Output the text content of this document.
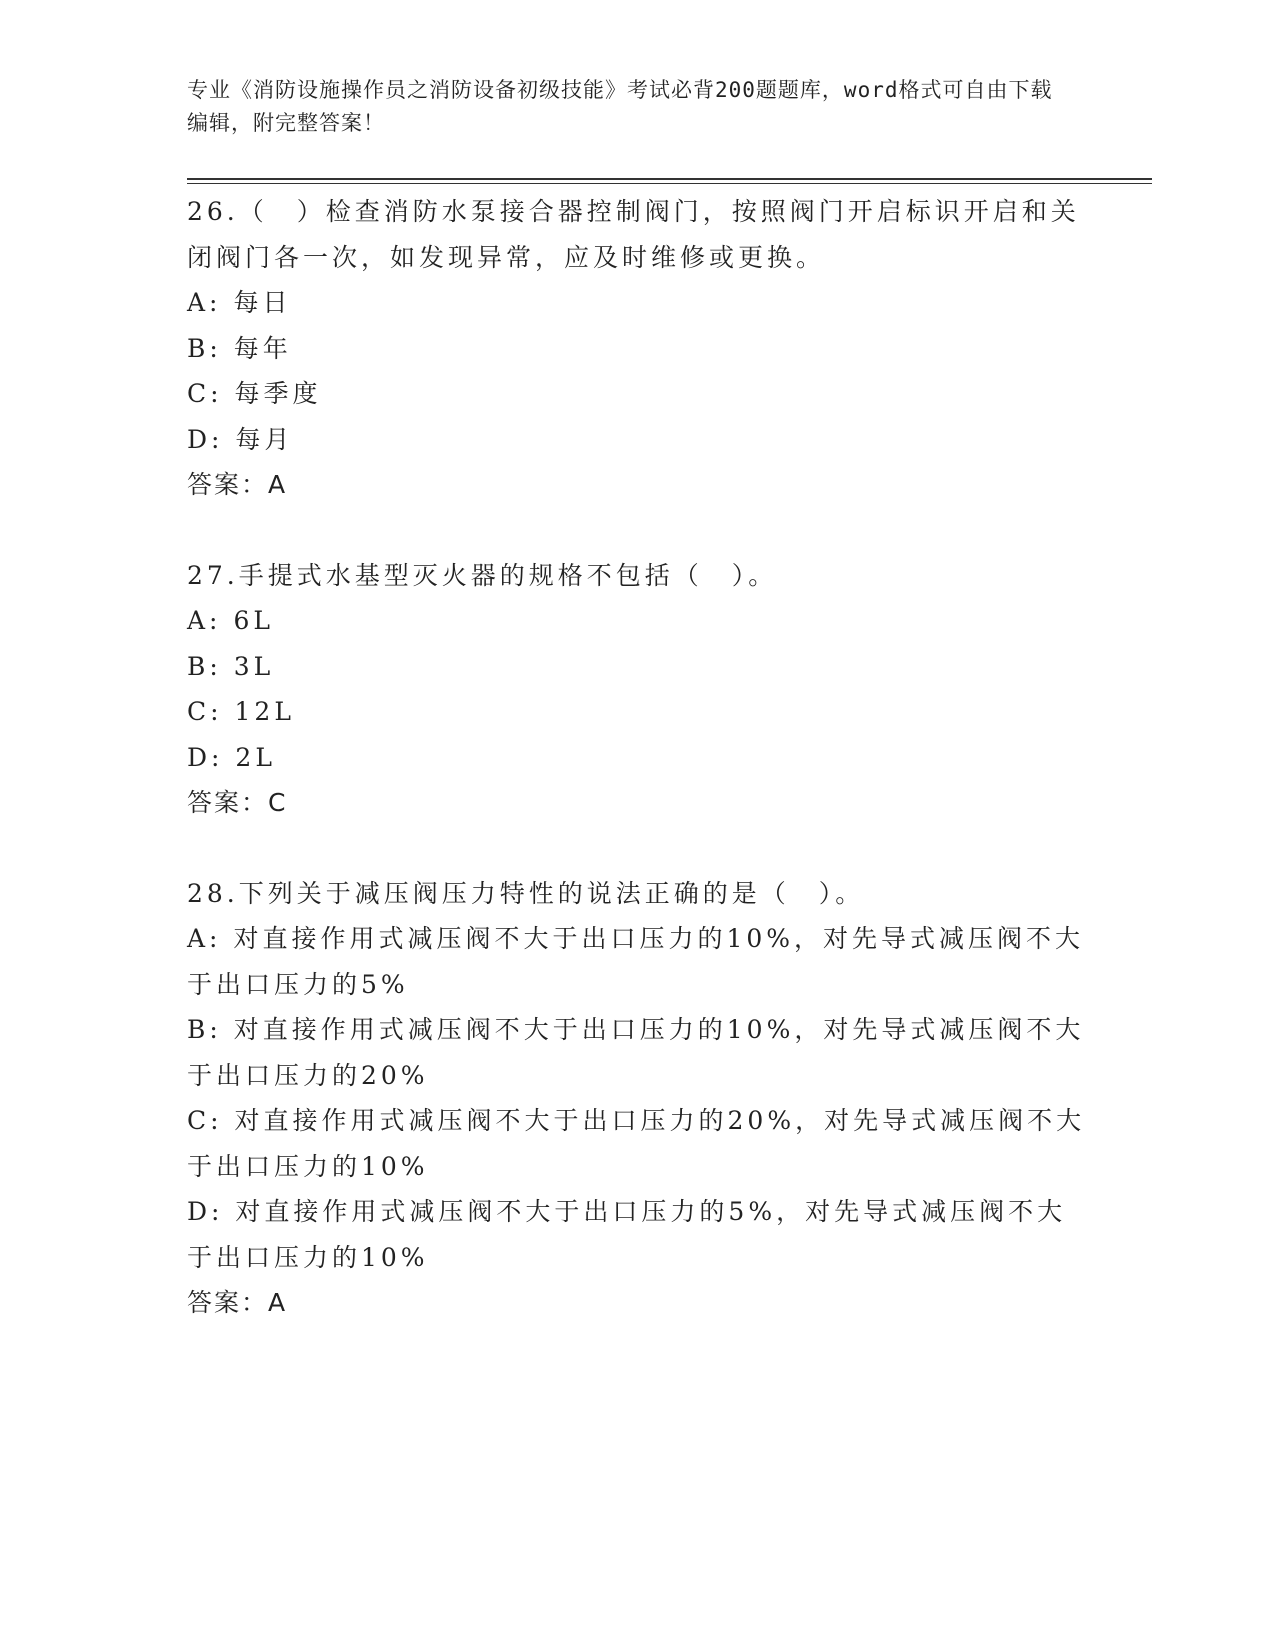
专业《消防设施操作员之消防设备初级技能》考试必背200题题库，word格式可自由下载编辑，附完整答案！
26.（　）检查消防水泵接合器控制阀门，按照阀门开启标识开启和关闭阀门各一次，如发现异常，应及时维修或更换。
A: 每日
B: 每年
C: 每季度
D: 每月
答案：A
27.手提式水基型灭火器的规格不包括（　）。
A: 6L
B: 3L
C: 12L
D: 2L
答案：C
28.下列关于减压阀压力特性的说法正确的是（　）。
A: 对直接作用式减压阀不大于出口压力的10%，对先导式减压阀不大于出口压力的5%
B: 对直接作用式减压阀不大于出口压力的10%，对先导式减压阀不大于出口压力的20%
C: 对直接作用式减压阀不大于出口压力的20%，对先导式减压阀不大于出口压力的10%
D: 对直接作用式减压阀不大于出口压力的5%，对先导式减压阀不大于出口压力的10%
答案：A
